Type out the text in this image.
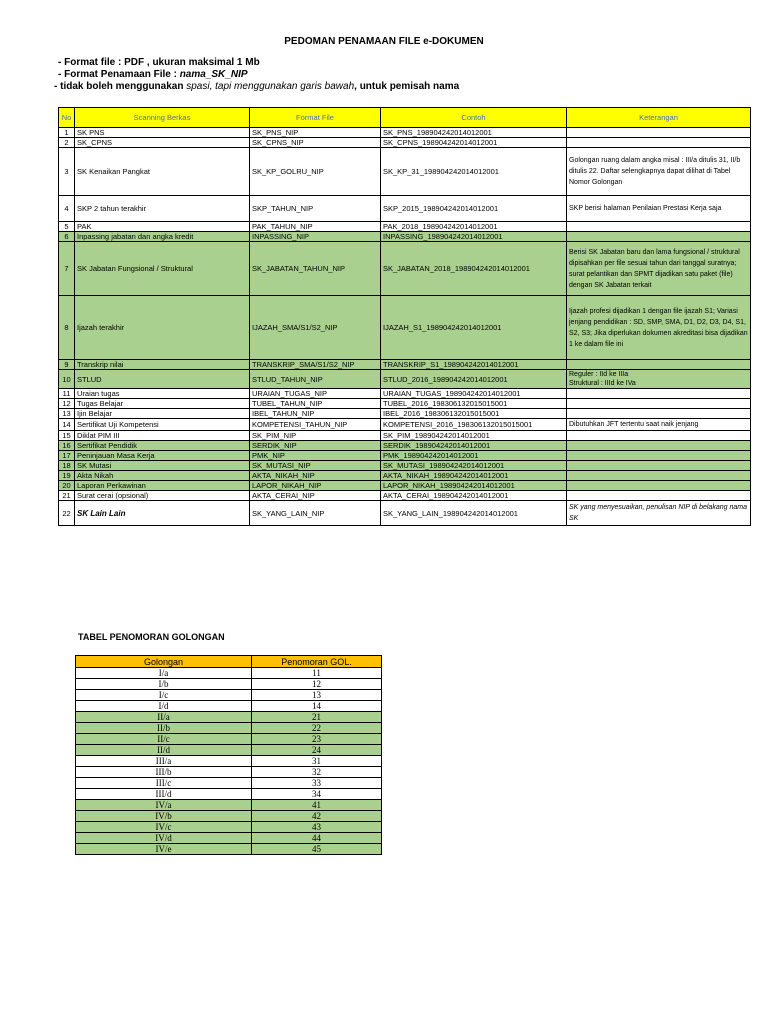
PEDOMAN PENAMAAN FILE e-DOKUMEN
- Format file : PDF , ukuran maksimal 1 Mb
- Format Penamaan File : nama_SK_NIP
- tidak boleh menggunakan spasi, tapi menggunakan garis bawah, untuk pemisah nama
No	Scanning Berkas	Format File	Contoh	Keterangan
1	SK PNS	SK_PNS_NIP	SK_PNS_198904242014012001	
2	SK_CPNS	SK_CPNS_NIP	SK_CPNS_198904242014012001	
3	SK Kenaikan Pangkat	SK_KP_GOLRU_NIP	SK_KP_31_198904242014012001	Golongan ruang dalam angka misal : III/a ditulis 31, II/b ditulis 22. Daftar selengkapnya dapat dilihat di Tabel Nomor Golongan
4	SKP 2 tahun terakhir	SKP_TAHUN_NIP	SKP_2015_198904242014012001	SKP berisi halaman Penilaian Prestasi Kerja saja
5	PAK	PAK_TAHUN_NIP	PAK_2018_198904242014012001	
6	Inpassing jabatan dan angka kredit	INPASSING_NIP	INPASSING_198904242014012001	
7	SK Jabatan Fungsional / Struktural	SK_JABATAN_TAHUN_NIP	SK_JABATAN_2018_198904242014012001	Berisi SK Jabatan baru dan lama fungsional / struktural dipisahkan per file sesuai tahun dari tanggal suratnya; surat pelantikan dan SPMT dijadikan satu paket (file) dengan SK Jabatan terkait
8	Ijazah terakhir	IJAZAH_SMA/S1/S2_NIP	IJAZAH_S1_198904242014012001	Ijazah profesi dijadikan 1 dengan file ijazah S1; Variasi jenjang pendidikan : SD, SMP, SMA, D1, D2, D3, D4, S1, S2, S3; Jika diperlukan dokumen akreditasi bisa dijadikan 1 ke dalam file ini
9	Transkrip nilai	TRANSKRIP_SMA/S1/S2_NIP	TRANSKRIP_S1_198904242014012001	
10	STLUD	STLUD_TAHUN_NIP	STLUD_2016_198904242014012001	Reguler : IId ke IIIa
Struktural : IIId ke IVa
11	Uraian tugas	URAIAN_TUGAS_NIP	URAIAN_TUGAS_198904242014012001	
12	Tugas Belajar	TUBEL_TAHUN_NIP	TUBEL_2016_198306132015015001	
13	Ijin Belajar	IBEL_TAHUN_NIP	IBEL_2016_198306132015015001	
14	Sertifikat Uji Kompetensi	KOMPETENSI_TAHUN_NIP	KOMPETENSI_2016_198306132015015001	Dibutuhkan JFT tertentu saat naik jenjang
15	Diklat PIM III	SK_PIM_NIP	SK_PIM_198904242014012001	
16	Sertifikat Pendidik	SERDIK_NIP	SERDIK_198904242014012001	
17	Peninjauan Masa Kerja	PMK_NIP	PMK_198904242014012001	
18	SK Mutasi	SK_MUTASI_NIP	SK_MUTASI_198904242014012001	
19	Akta Nikah	AKTA_NIKAH_NIP	AKTA_NIKAH_198904242014012001	
20	Laporan Perkawinan	LAPOR_NIKAH_NIP	LAPOR_NIKAH_198904242014012001	
21	Surat cerai (opsional)	AKTA_CERAI_NIP	AKTA_CERAI_198904242014012001	
22	SK Lain Lain	SK_YANG_LAIN_NIP	SK_YANG_LAIN_198904242014012001	SK yang menyesuaikan, penulisan NIP di belakang nama SK
TABEL PENOMORAN GOLONGAN
Golongan	Penomoran GOL.
I/a	11
I/b	12
I/c	13
I/d	14
II/a	21
II/b	22
II/c	23
II/d	24
III/a	31
III/b	32
III/c	33
III/d	34
IV/a	41
IV/b	42
IV/c	43
IV/d	44
IV/e	45
